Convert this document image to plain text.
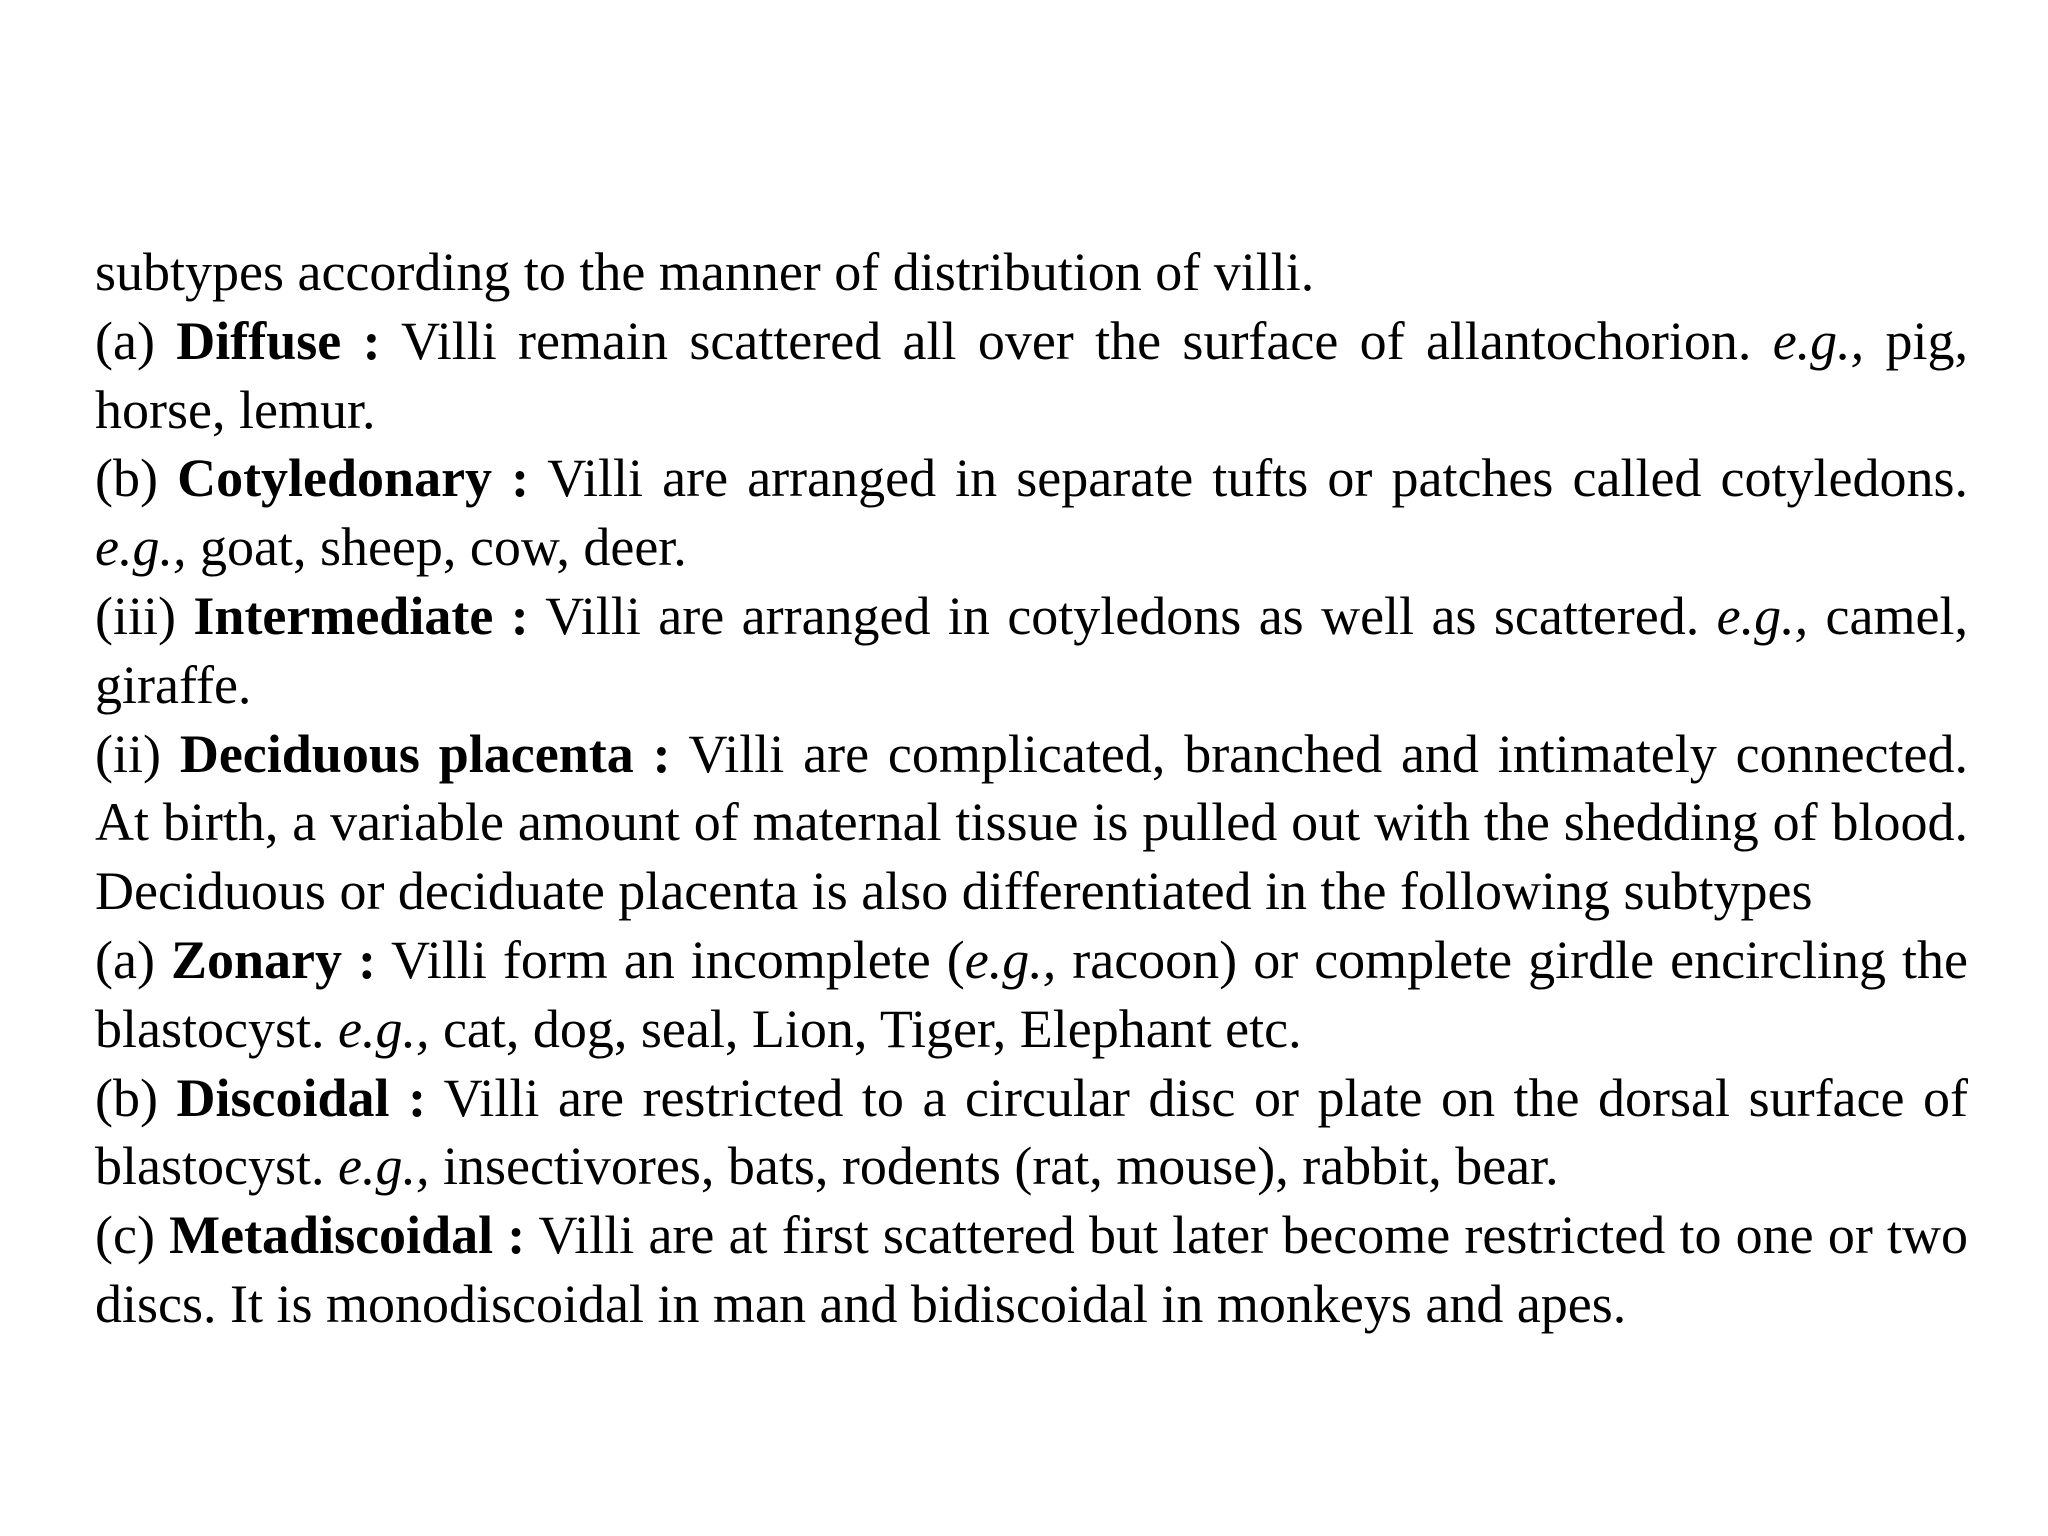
subtypes according to the manner of distribution of villi.

(a) Diffuse : Villi remain scattered all over the surface of allantochorion. e.g., pig, horse, lemur.

(b) Cotyledonary : Villi are arranged in separate tufts or patches called cotyledons. e.g., goat, sheep, cow, deer.

(iii) Intermediate : Villi are arranged in cotyledons as well as scattered. e.g., camel, giraffe.

(ii) Deciduous placenta : Villi are complicated, branched and intimately connected. At birth, a variable amount of maternal tissue is pulled out with the shedding of blood. Deciduous or deciduate placenta is also differentiated in the following subtypes

(a) Zonary : Villi form an incomplete (e.g., racoon) or complete girdle encircling the blastocyst. e.g., cat, dog, seal, Lion, Tiger, Elephant etc.

(b) Discoidal : Villi are restricted to a circular disc or plate on the dorsal surface of blastocyst. e.g., insectivores, bats, rodents (rat, mouse), rabbit, bear.

(c) Metadiscoidal : Villi are at first scattered but later become restricted to one or two discs. It is monodiscoidal in man and bidiscoidal in monkeys and apes.
